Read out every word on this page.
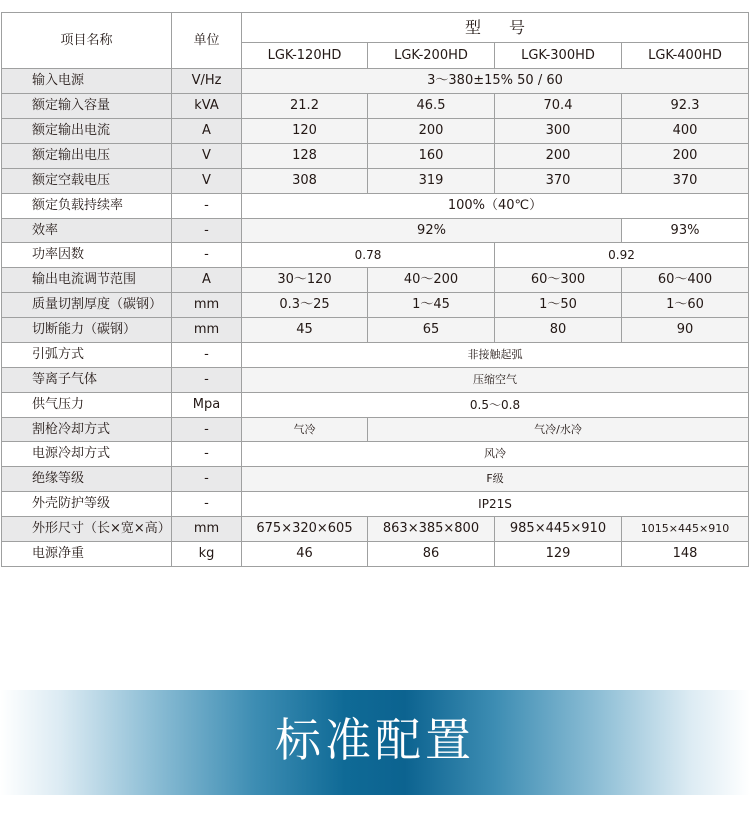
项目名称	单位	型号			
		LGK-120HD	LGK-200HD	LGK-300HD	LGK-400HD
输入电源	V/Hz	3～380±15% 50 / 60			
额定输入容量	kVA	21.2	46.5	70.4	92.3
额定输出电流	A	120	200	300	400
额定输出电压	V	128	160	200	200
额定空载电压	V	308	319	370	370
额定负载持续率	-	100%（40℃）			
效率	-	92%			93%
功率因数	-	0.78		0.92	
输出电流调节范围	A	30～120	40～200	60～300	60～400
质量切割厚度（碳钢）	mm	0.3～25	1～45	1～50	1～60
切断能力（碳钢）	mm	45	65	80	90
引弧方式	-	非接触起弧			
等离子气体	-	压缩空气			
供气压力	Mpa	0.5～0.8			
割枪冷却方式	-	气冷	气冷/水冷		
电源冷却方式	-	风冷			
绝缘等级	-	F级			
外壳防护等级	-	IP21S			
外形尺寸（长×宽×高）	mm	675×320×605	863×385×800	985×445×910	1015×445×910
电源净重	kg	46	86	129	148
标准配置
